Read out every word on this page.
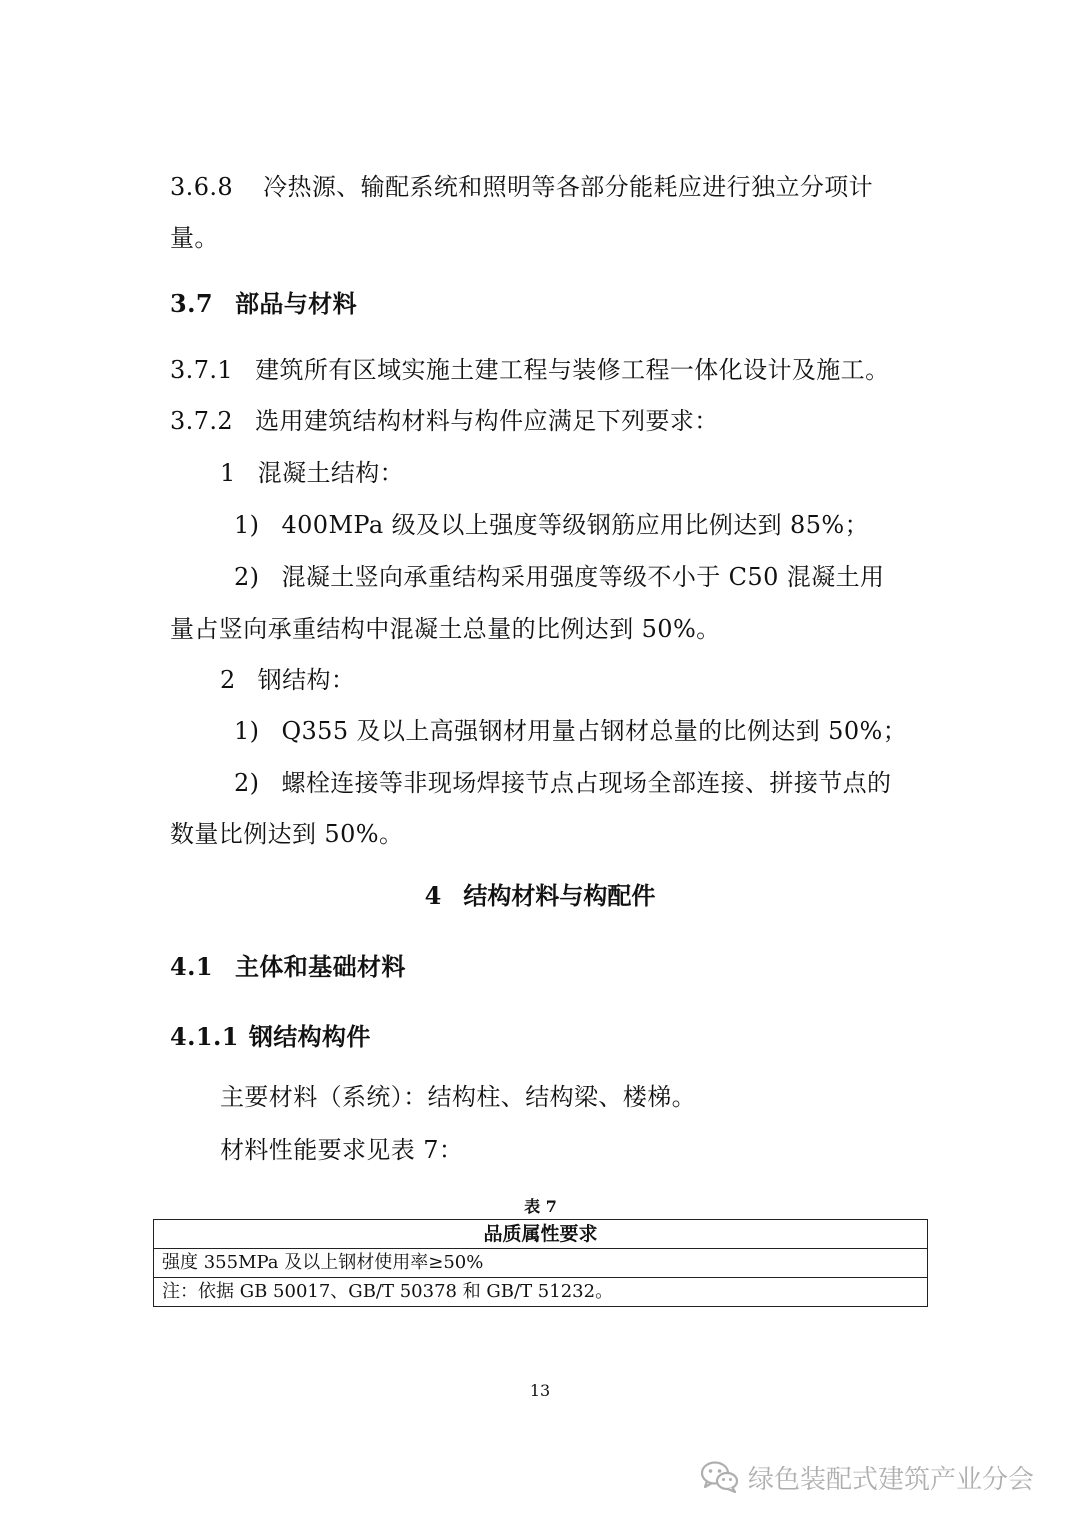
3.6.8 冷热源、输配系统和照明等各部分能耗应进行独立分项计
量。
3.7 部品与材料
3.7.1 建筑所有区域实施土建工程与装修工程一体化设计及施工。
3.7.2 选用建筑结构材料与构件应满足下列要求：
1 混凝土结构：
1) 400MPa 级及以上强度等级钢筋应用比例达到 85%；
2) 混凝土竖向承重结构采用强度等级不小于 C50 混凝土用
量占竖向承重结构中混凝土总量的比例达到 50%。
2 钢结构：
1) Q355 及以上高强钢材用量占钢材总量的比例达到 50%；
2) 螺栓连接等非现场焊接节点占现场全部连接、拼接节点的
数量比例达到 50%。
4 结构材料与构配件
4.1 主体和基础材料
4.1.1 钢结构构件
主要材料（系统）：结构柱、结构梁、楼梯。
材料性能要求见表 7：
表 7
品质属性要求
强度 355MPa 及以上钢材使用率≥50%
注：依据 GB 50017、GB/T 50378 和 GB/T 51232。
13
绿色装配式建筑产业分会
